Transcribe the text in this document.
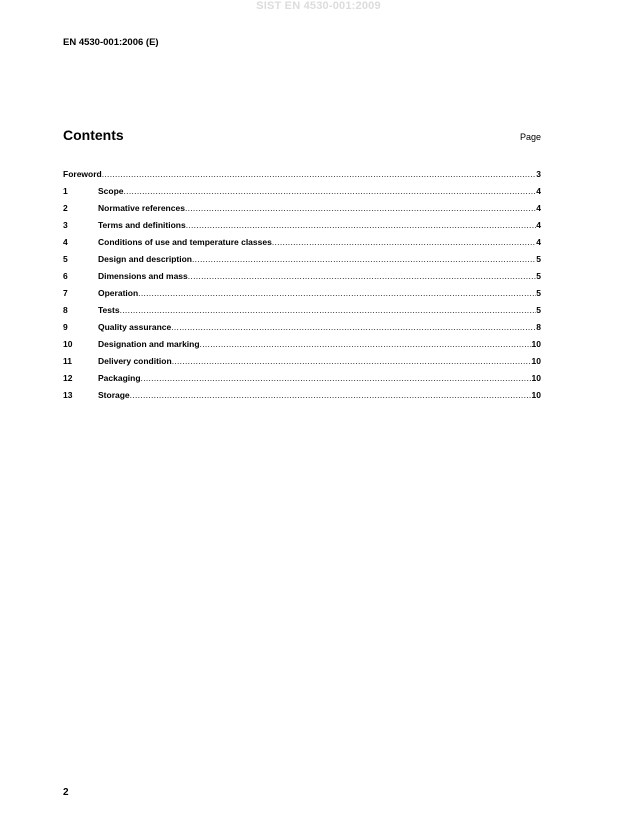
SIST EN 4530-001:2009
EN 4530-001:2006 (E)
Contents	Page
Foreword .....	3
1	Scope .....	4
2	Normative references .....	4
3	Terms and definitions .....	4
4	Conditions of use and temperature classes .....	4
5	Design and description .....	5
6	Dimensions and mass .....	5
7	Operation .....	5
8	Tests .....	5
9	Quality assurance .....	8
10	Designation and marking .....	10
11	Delivery condition .....	10
12	Packaging .....	10
13	Storage .....	10
2
